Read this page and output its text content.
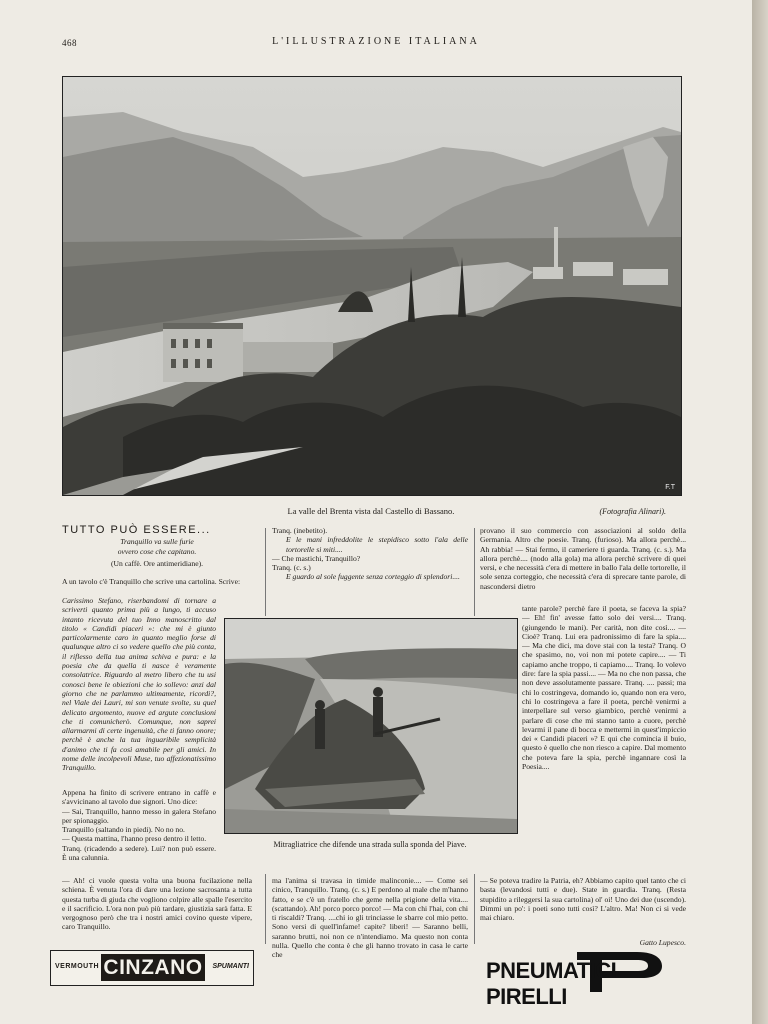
468	L'ILLUSTRAZIONE ITALIANA
F.T
La valle del Brenta vista dal Castello di Bassano.	(Fotografia Alinari).

TUTTO PUÒ ESSERE...

Tranquillo va sulle furie

ovvero cose che capitano.

(Un caffè. Ore antimeridiane).

A un tavolo c'è Tranquillo che scrive una cartolina. Scrive:

Carissimo Stefano, riserbandomi di tornare a scriverti quanto prima più a lungo, ti accuso intanto ricevuta del tuo Inno manoscritto dal titolo « Candidi piaceri »: che mi è giunto particolarmente caro in quanto meglio forse di qualunque altro ci so vedere quello che più conta, il riflesso della tua anima schiva e pura: e la poesia che da quella ti nasce è veramente consolatrice. Riguardo al metro libero che tu usi conosci bene le obiezioni che io sollevo: anzi dal giorno che ne parlammo ultimamente, ricordi?, nel Viale dei Lauri, mi son venute svolte, su quel delicato argomento, nuove ed argute conclusioni che ti comunicherò. Comunque, non saprei allarmarmi di certe ingenuità, che ti fanno onore; perchè è anche la tua inguaribile semplicità d'animo che ti fa così amabile per gli amici. In nome delle incolpevoli Muse, tuo affezionatissimo Tranquillo.

Appena ha finito di scrivere entrano in caffè e s'avvicinano al tavolo due signori. Uno dice:

— Sai, Tranquillo, hanno messo in galera Stefano per spionaggio.

Tranquillo (saltando in piedi). No no no.

— Questa mattina, l'hanno preso dentro il letto.

Tranq. (ricadendo a sedere). Lui? non può essere. È una calunnia.

Tranq. (inebetito).

E le mani infreddolite le stepidisco sotto l'ala delle tortorelle si miti....

— Che mastichi, Tranquillo?

Tranq. (c. s.)

E guardo al sole fuggente senza corteggio di splendori....

provano il suo commercio con associazioni al soldo della Germania. Altro che poesie. Tranq. (furioso). Ma allora perchè... Ah rabbia! — Stai fermo, il cameriere ti guarda. Tranq. (c. s.). Ma allora perchè.... (nodo alla gola) ma allora perchè scrivere di quei versi, e che necessità c'era di mettere in ballo l'ala delle tortorelle, il sole senza corteggio, che necessità c'era di sprecare tante parole, di nascondersi dietro

tante parole? perchè fare il poeta, se faceva la spia? — Eh! fin' avesse fatto solo dei versi.... Tranq. (giungendo le mani). Per carità, non dite così.... — Cioè? Tranq. Lui era padronissimo di fare la spia.... — Ma che dici, ma dove stai con la testa? Tranq. O che spasimo, no, voi non mi potete capire.... — Ti capiamo anche troppo, ti capiamo.... Tranq. Io volevo dire: fare la spia passi.... — Ma no che non passa, che non deve assolutamente passare. Tranq. .... passi; ma chi lo costringeva, domando io, quando non era vero, chi lo costringeva a fare il poeta, perchè venirmi a interpellare sul verso giambico, perchè venirmi a parlare di cose che mi stanno tanto a cuore, perchè levarmi il pane di bocca e mettermi in quest'impiccio dei « Candidi piaceri »? E qui che comincia il buio, questo è quello che non riesco a capire. Dal momento che poteva fare la spia, perchè ingannare così la Poesia....

Mitragliatrice che difende una strada sulla sponda del Piave.

— Ah! ci vuole questa volta una buona fucilazione nella schiena. È venuta l'ora di dare una lezione sacrosanta a tutta questa turba di giuda che vogliono colpire alle spalle l'esercito e il sacrificio. L'ora non può più tardare, giustizia sarà fatta. E vergognoso però che tra i nostri amici covino queste vipere, caro Tranquillo.

ma l'anima si travasa in timide malinconie.... — Come sei cinico, Tranquillo. Tranq. (c. s.) E perdono al male che m'hanno fatto, e se c'è un fratello che geme nella prigione della vita.... (scattando). Ah! porco porco porco! — Ma con chi l'hai, con chi ti riscaldi? Tranq. ....chi io gli trinciasse le sbarre col mio petto. Sono versi di quell'infame! capite? liberi! — Saranno belli, saranno brutti, noi non ce n'intendiamo. Ma questo non conta nulla. Quello che conta è che gli hanno trovato in casa le carte che

— Se poteva tradire la Patria, eh? Abbiamo capito quel tanto che ci basta (levandosi tutti e due). State in guardia. Tranq. (Resta stupidito a rileggersi la sua cartolina) ol' oi! Uno dei due (uscendo). Dimmi un po': i poeti sono tutti così? L'altro. Ma! Non ci si vede mai chiaro.

Gatto Lupesco.
VERMOUTH CINZANO	SPUMANTI	PNEUMATICI PIRELLI
